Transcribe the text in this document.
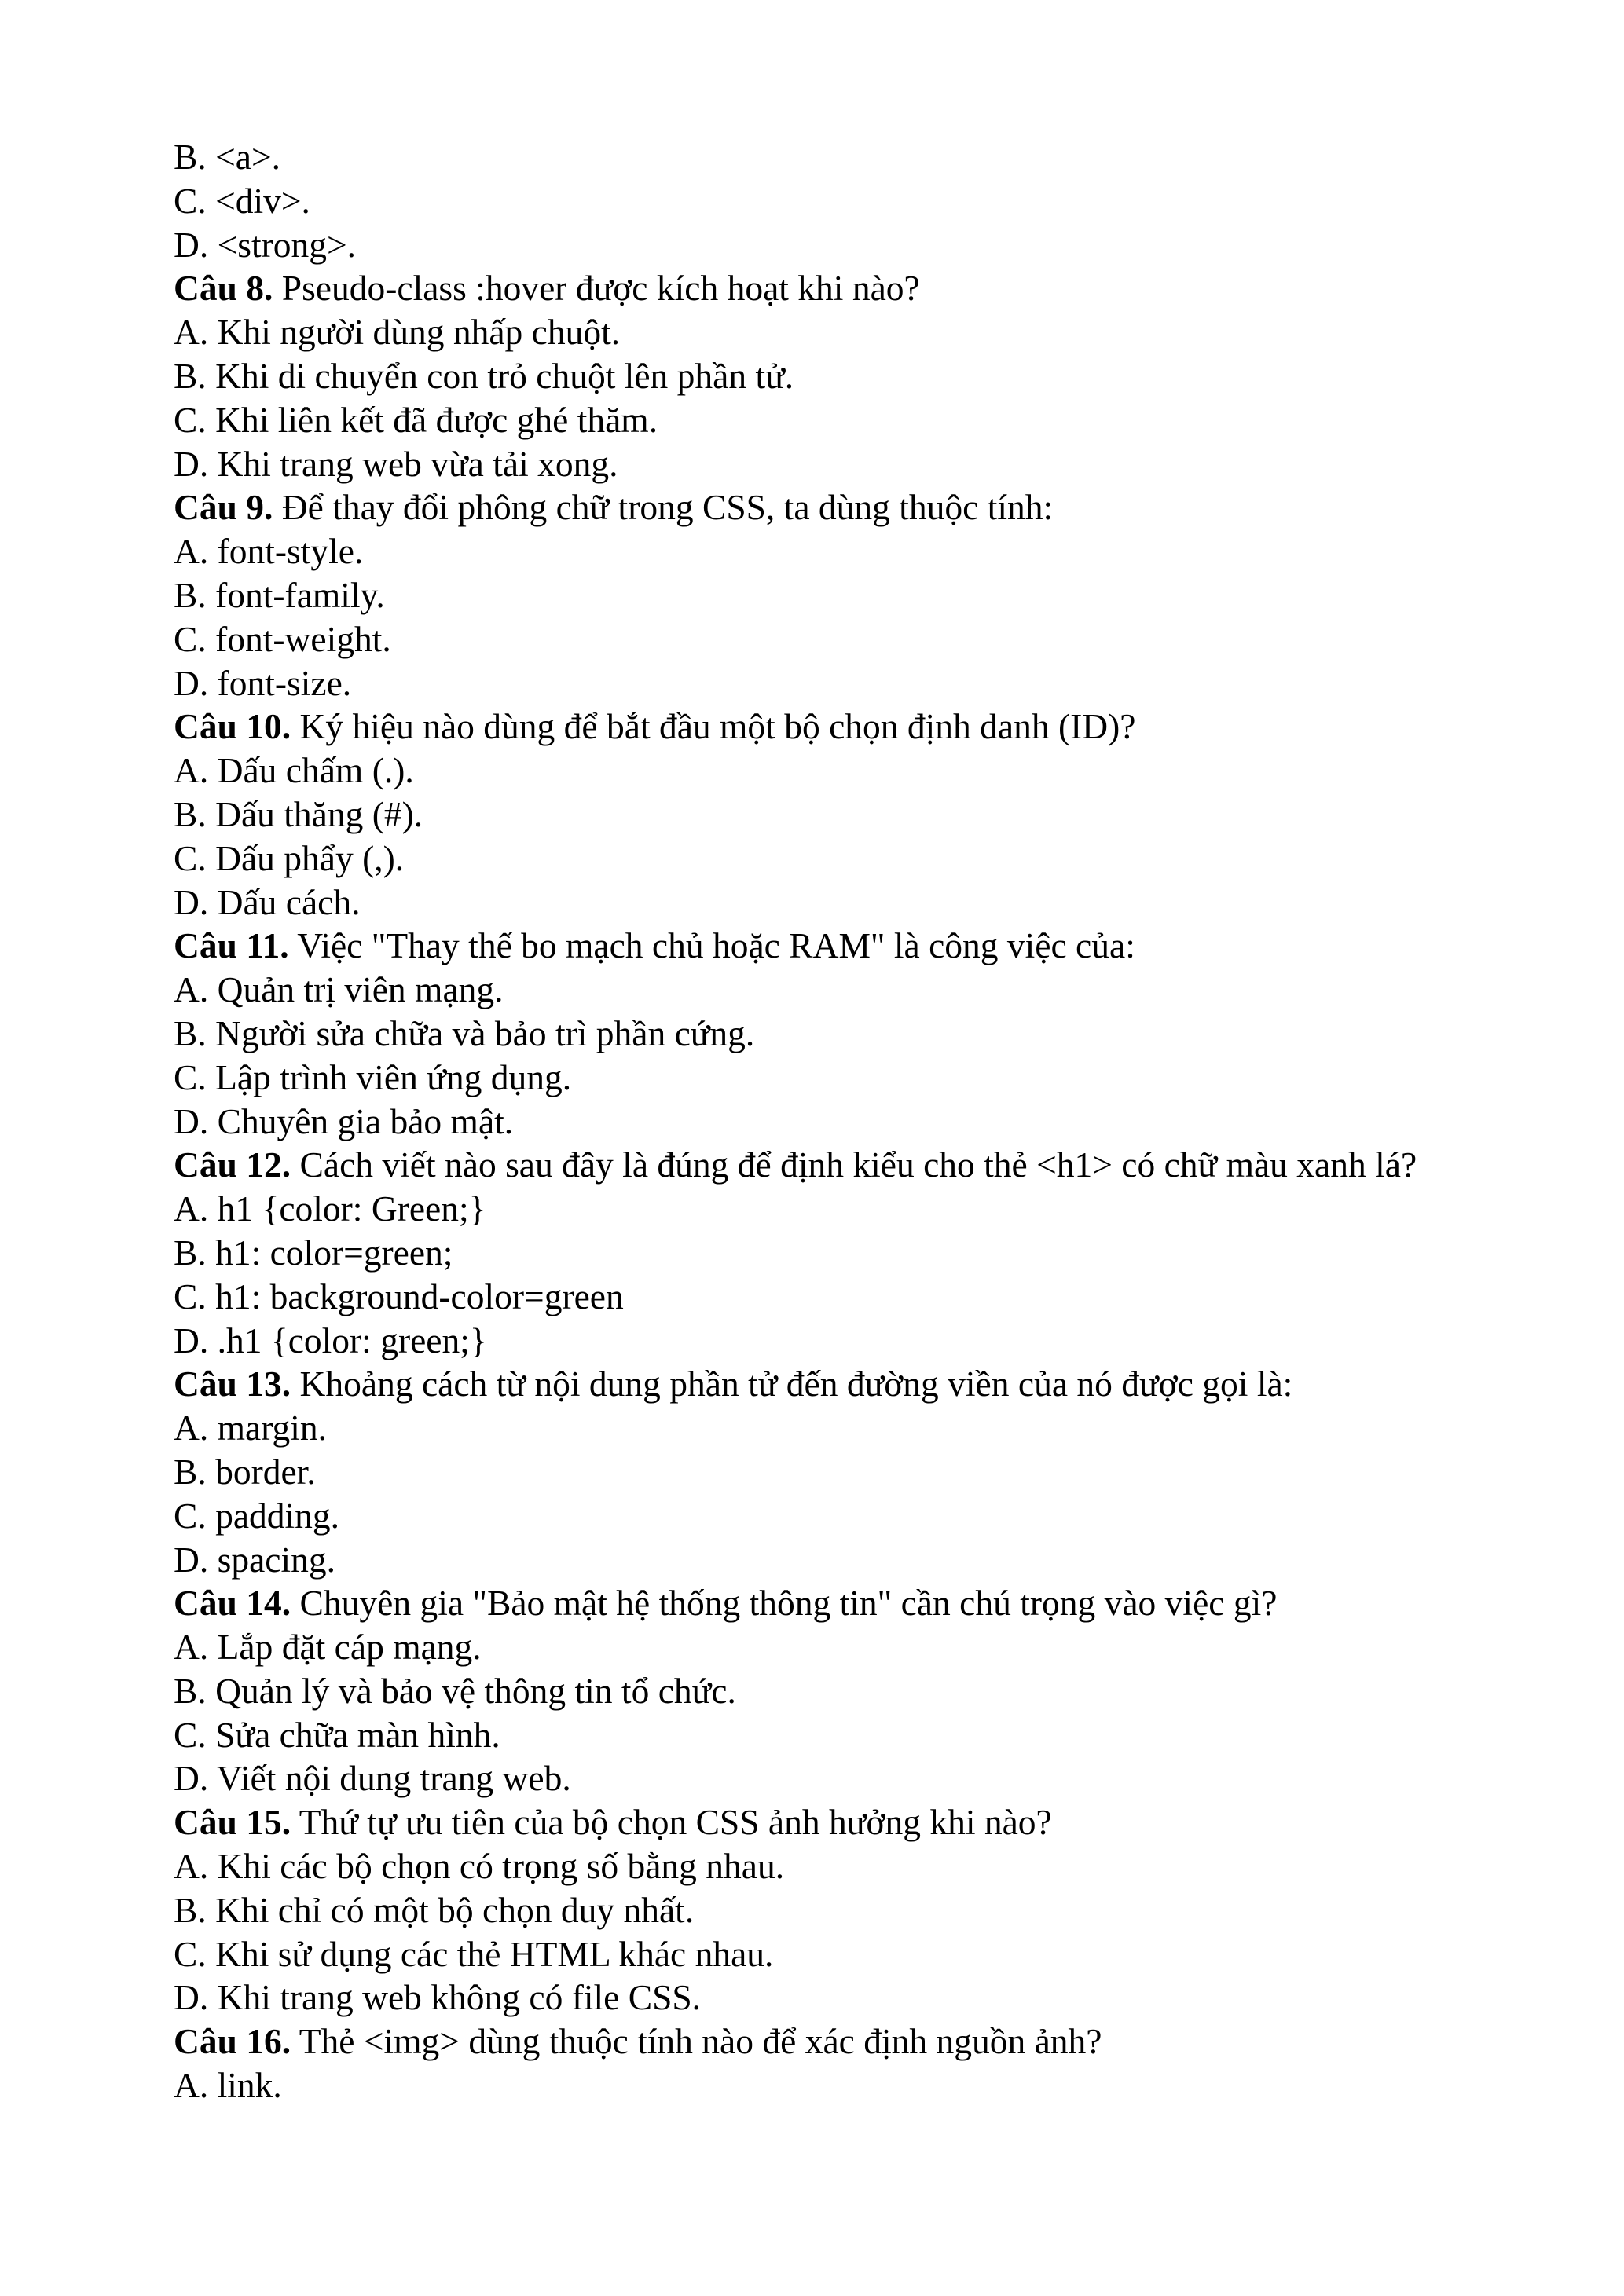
B. <a>.

C. <div>.

D. <strong>.

Câu 8. Pseudo-class :hover được kích hoạt khi nào?

A. Khi người dùng nhấp chuột.

B. Khi di chuyển con trỏ chuột lên phần tử.

C. Khi liên kết đã được ghé thăm.

D. Khi trang web vừa tải xong.

Câu 9. Để thay đổi phông chữ trong CSS, ta dùng thuộc tính:

A. font-style.

B. font-family.

C. font-weight.

D. font-size.

Câu 10. Ký hiệu nào dùng để bắt đầu một bộ chọn định danh (ID)?

A. Dấu chấm (.).

B. Dấu thăng (#).

C. Dấu phẩy (,).

D. Dấu cách.

Câu 11. Việc "Thay thế bo mạch chủ hoặc RAM" là công việc của:

A. Quản trị viên mạng.

B. Người sửa chữa và bảo trì phần cứng.

C. Lập trình viên ứng dụng.

D. Chuyên gia bảo mật.

Câu 12. Cách viết nào sau đây là đúng để định kiểu cho thẻ <h1> có chữ màu xanh lá?

A. h1 {color: Green;}

B. h1: color=green;

C. h1: background-color=green

D. .h1 {color: green;}

Câu 13. Khoảng cách từ nội dung phần tử đến đường viền của nó được gọi là:

A. margin.

B. border.

C. padding.

D. spacing.

Câu 14. Chuyên gia "Bảo mật hệ thống thông tin" cần chú trọng vào việc gì?

A. Lắp đặt cáp mạng.

B. Quản lý và bảo vệ thông tin tổ chức.

C. Sửa chữa màn hình.

D. Viết nội dung trang web.

Câu 15. Thứ tự ưu tiên của bộ chọn CSS ảnh hưởng khi nào?

A. Khi các bộ chọn có trọng số bằng nhau.

B. Khi chỉ có một bộ chọn duy nhất.

C. Khi sử dụng các thẻ HTML khác nhau.

D. Khi trang web không có file CSS.

Câu 16. Thẻ <img> dùng thuộc tính nào để xác định nguồn ảnh?

A. link.
